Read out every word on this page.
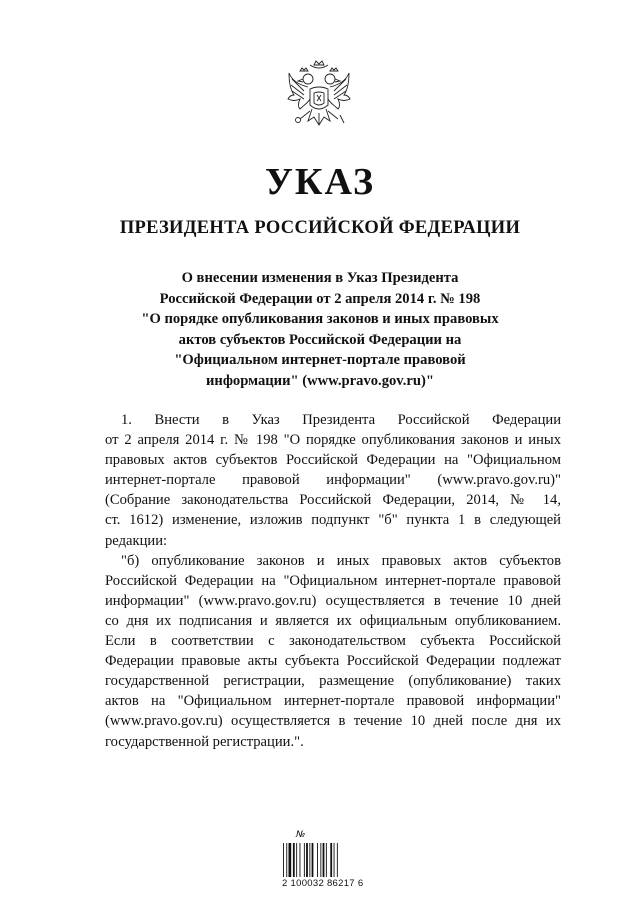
УКАЗ
ПРЕЗИДЕНТА РОССИЙСКОЙ ФЕДЕРАЦИИ
О внесении изменения в Указ Президента
Российской Федерации от 2 апреля 2014 г. № 198
"О порядке опубликования законов и иных правовых
актов субъектов Российской Федерации на
"Официальном интернет-портале правовой
информации" (www.pravo.gov.ru)"
1. Внести в Указ Президента Российской Федерации
от 2 апреля 2014 г. № 198 "О порядке опубликования законов и иных
правовых актов субъектов Российской Федерации на "Официальном
интернет-портале правовой информации" (www.pravo.gov.ru)"
(Собрание законодательства Российской Федерации, 2014, № 14,
ст. 1612) изменение, изложив подпункт "б" пункта 1 в следующей
редакции:
"б) опубликование законов и иных правовых актов субъектов
Российской Федерации на "Официальном интернет-портале правовой
информации" (www.pravo.gov.ru) осуществляется в течение 10 дней
со дня их подписания и является их официальным опубликованием.
Если в соответствии с законодательством субъекта Российской
Федерации правовые акты субъекта Российской Федерации подлежат
государственной регистрации, размещение (опубликование) таких
актов на "Официальном интернет-портале правовой информации"
(www.pravo.gov.ru) осуществляется в течение 10 дней после дня их
государственной регистрации.".
№
2 100032 86217 6
